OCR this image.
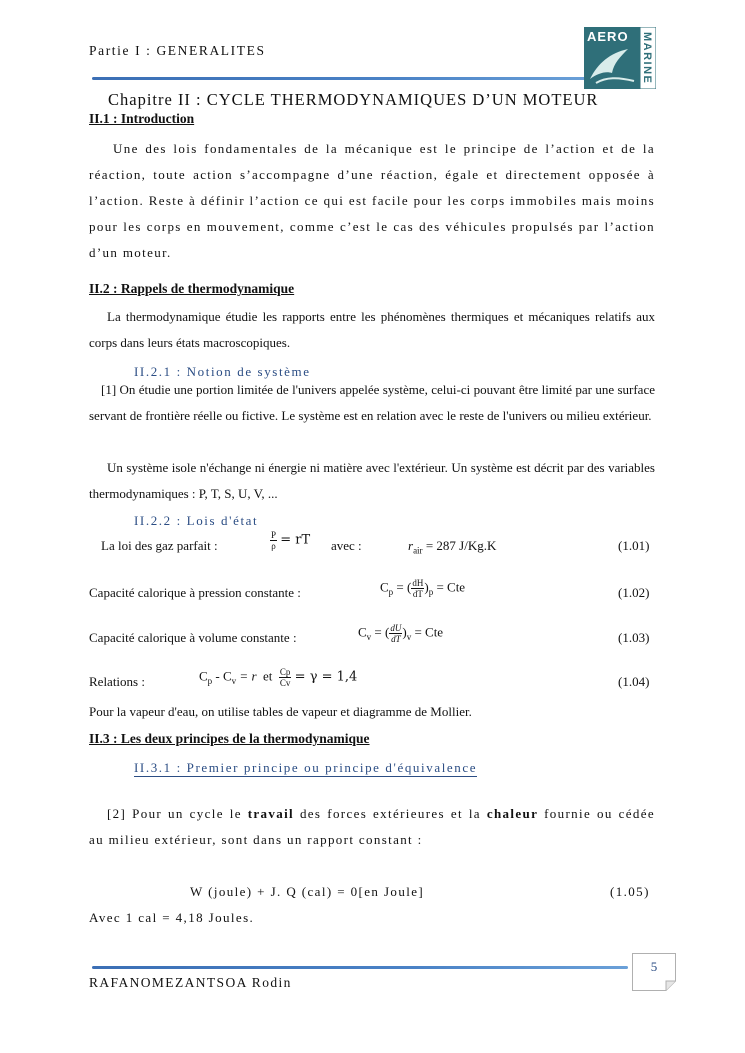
Partie I : GENERALITES
AERO MARINE
Chapitre II : CYCLE THERMODYNAMIQUES D’UN MOTEUR
II.1 : Introduction
Une des lois fondamentales de la mécanique est le principe de l’action et de la réaction, toute action s’accompagne d’une réaction, égale et directement opposée à l’action. Reste à définir l’action ce qui est facile pour les corps immobiles mais moins pour les corps en mouvement, comme c’est le cas des véhicules propulsés par l’action d’un moteur.
II.2 : Rappels de thermodynamique
La thermodynamique étudie les rapports entre les phénomènes thermiques et mécaniques relatifs aux corps dans leurs états macroscopiques.
II.2.1 : Notion de système
[1] On étudie une portion limitée de l'univers appelée système, celui-ci pouvant être limité par une surface servant de frontière réelle ou fictive. Le système est en relation avec le reste de l'univers ou milieu extérieur.
Un système isole n'échange ni énergie ni matière avec l'extérieur. Un système est décrit par des variables thermodynamiques : P, T, S, U, V, ...
II.2.2 : Lois d'état
La loi des gaz parfait :	$\frac{P}{\rho}$ = rT avec :	$r_{air} = 287$ J/Kg.K	(1.01)
Capacité calorique à pression constante :	$C_p$ = ( $\frac{dH}{dT} )_p$ = Cte	(1.02)
Capacité calorique à volume constante :	$C_v$ = ( $\frac{dU}{dT} )_v$ = Cte	(1.03)
Relations :	$C_p - C_v = r$ et $\frac{Cp}{Cv} = \gamma = 1,4$	(1.04)
Pour la vapeur d'eau, on utilise tables de vapeur et diagramme de Mollier.
II.3 : Les deux principes de la thermodynamique
II.3.1 : Premier principe ou principe d'équivalence
[2] Pour un cycle le travail des forces extérieures et la chaleur fournie ou cédée au milieu extérieur, sont dans un rapport constant :
W (joule) + J. Q (cal) = 0[en Joule]	(1.05)
Avec 1 cal = 4,18 Joules.
5
RAFANOMEZANTSOA Rodin
